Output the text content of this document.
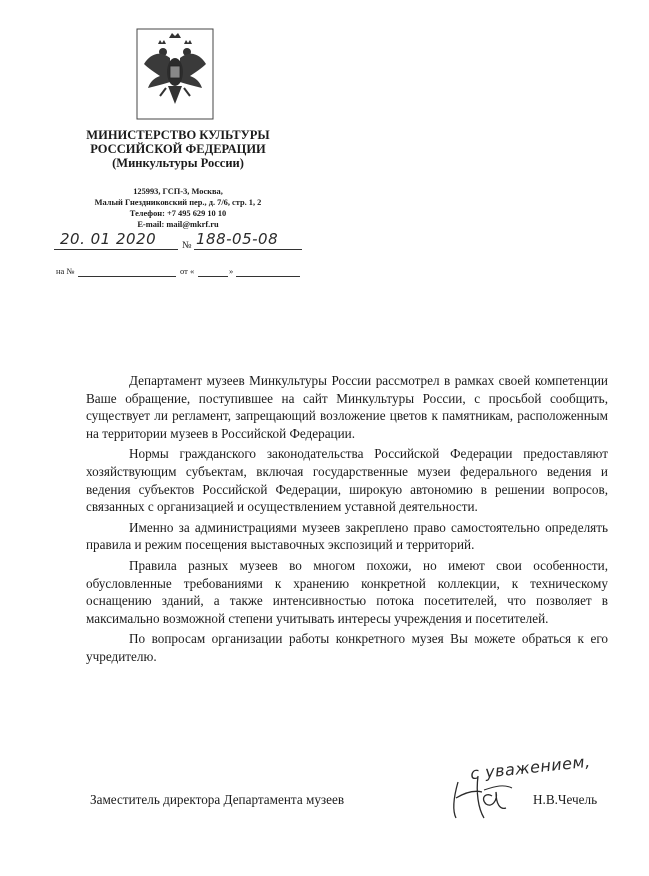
МИНИСТЕРСТВО КУЛЬТУРЫ
РОССИЙСКОЙ ФЕДЕРАЦИИ
(Минкультуры России)
125993, ГСП-3, Москва,
Малый Гнездниковский пер., д. 7/6, стр. 1, 2
Телефон: +7 495 629 10 10
E-mail: mail@mkrf.ru
20. 01 2020	№ 188-05-08
на №	от «	»

Департамент музеев Минкультуры России рассмотрел в рамках своей компетенции Ваше обращение, поступившее на сайт Минкультуры России, с просьбой сообщить, существует ли регламент, запрещающий возложение цветов к памятникам, расположенным на территории музеев в Российской Федерации.

Нормы гражданского законодательства Российской Федерации предоставляют хозяйствующим субъектам, включая государственные музеи федерального ведения и ведения субъектов Российской Федерации, широкую автономию в решении вопросов, связанных с организацией и осуществлением уставной деятельности.

Именно за администрациями музеев закреплено право самостоятельно определять правила и режим посещения выставочных экспозиций и территорий.

Правила разных музеев во многом похожи, но имеют свои особенности, обусловленные требованиями к хранению конкретной коллекции, к техническому оснащению зданий, а также интенсивностью потока посетителей, что позволяет в максимально возможной степени учитывать интересы учреждения и посетителей.

По вопросам организации работы конкретного музея Вы можете обраться к его учредителю.

с уважением,
Заместитель директора Департамента музеев	Н.В.Чечель
